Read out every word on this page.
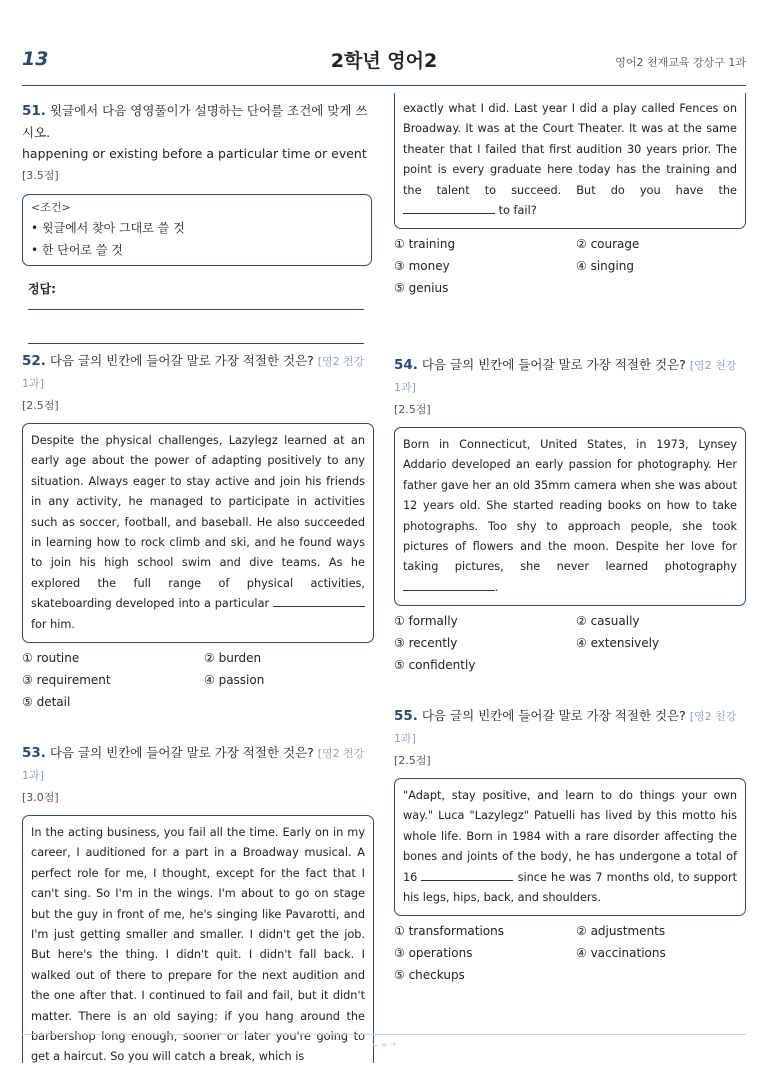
13	2학년 영어2	영어2 천재교육 강상구 1과
51. 윗글에서 다음 영영풀이가 설명하는 단어를 조건에 맞게 쓰시오.
happening or existing before a particular time or event [3.5점]
<조건>
• 윗글에서 찾아 그대로 쓸 것
• 한 단어로 쓸 것
정답:
52. 다음 글의 빈칸에 들어갈 말로 가장 적절한 것은? [영2 천강 1과]
[2.5점]
Despite the physical challenges, Lazylegz learned at an early age about the power of adapting positively to any situation. Always eager to stay active and join his friends in any activity, he managed to participate in activities such as soccer, football, and baseball. He also succeeded in learning how to rock climb and ski, and he found ways to join his high school swim and dive teams. As he explored the full range of physical activities, skateboarding developed into a particular  for him.
① routine	② burden
③ requirement	④ passion
⑤ detail
53. 다음 글의 빈칸에 들어갈 말로 가장 적절한 것은? [영2 천강 1과]
[3.0점]
In the acting business, you fail all the time. Early on in my career, I auditioned for a part in a Broadway musical. A perfect role for me, I thought, except for the fact that I can't sing. So I'm in the wings. I'm about to go on stage but the guy in front of me, he's singing like Pavarotti, and I'm just getting smaller and smaller. I didn't get the job. But here's the thing. I didn't quit. I didn't fall back. I walked out of there to prepare for the next audition and the one after that. I continued to fail and fail, but it didn't matter. There is an old saying: if you hang around the barbershop long enough, sooner or later you're going to get a haircut. So you will catch a break, which is
exactly what I did. Last year I did a play called Fences on Broadway. It was at the Court Theater. It was at the same theater that I failed that first audition 30 years prior. The point is every graduate here today has the training and the talent to succeed. But do you have the  to fail?
① training	② courage
③ money	④ singing
⑤ genius
54. 다음 글의 빈칸에 들어갈 말로 가장 적절한 것은? [영2 천강 1과]
[2.5점]
Born in Connecticut, United States, in 1973, Lynsey Addario developed an early passion for photography. Her father gave her an old 35mm camera when she was about 12 years old. She started reading books on how to take photographs. Too shy to approach people, she took pictures of flowers and the moon. Despite her love for taking pictures, she never learned photography .
① formally	② casually
③ recently	④ extensively
⑤ confidently
55. 다음 글의 빈칸에 들어갈 말로 가장 적절한 것은? [영2 천강 1과]
[2.5점]
"Adapt, stay positive, and learn to do things your own way." Luca "Lazylegz" Patuelli has lived by this motto his whole life. Born in 1984 with a rare disorder affecting the bones and joints of the body, he has undergone a total of 16	since he was 7 months old, to support his legs, hips, back, and shoulders.
① transformations	② adjustments
③ operations	④ vaccinations
⑤ checkups
ᄂᄋᄀ
